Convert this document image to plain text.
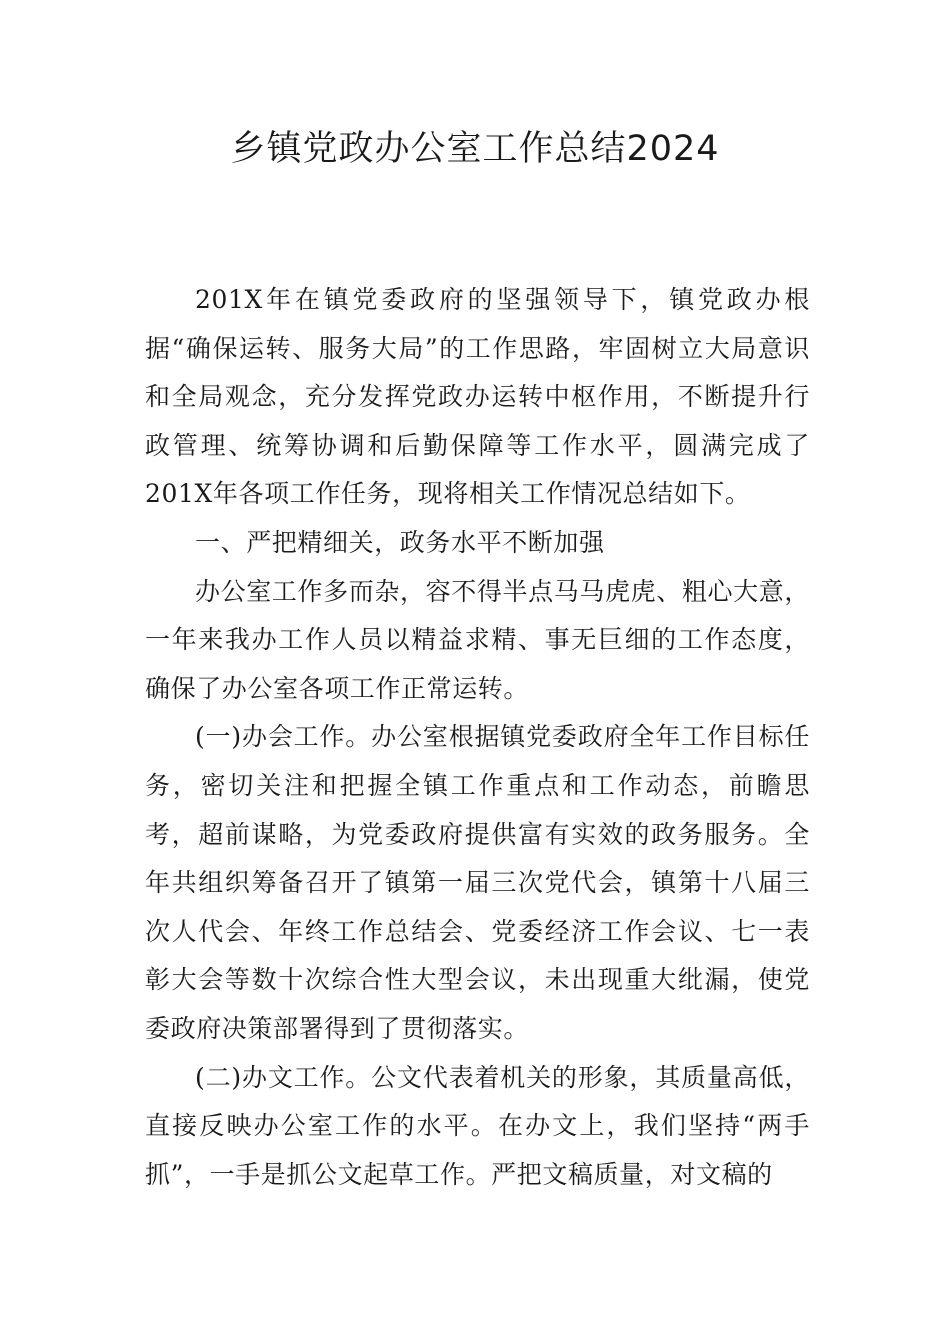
乡镇党政办公室工作总结2024

201X年在镇党委政府的坚强领导下，镇党政办根据“确保运转、服务大局”的工作思路，牢固树立大局意识和全局观念，充分发挥党政办运转中枢作用，不断提升行政管理、统筹协调和后勤保障等工作水平，圆满完成了201X年各项工作任务，现将相关工作情况总结如下。

一、严把精细关，政务水平不断加强

办公室工作多而杂，容不得半点马马虎虎、粗心大意，一年来我办工作人员以精益求精、事无巨细的工作态度，确保了办公室各项工作正常运转。

(一)办会工作。办公室根据镇党委政府全年工作目标任务，密切关注和把握全镇工作重点和工作动态，前瞻思考，超前谋略，为党委政府提供富有实效的政务服务。全年共组织筹备召开了镇第一届三次党代会，镇第十八届三次人代会、年终工作总结会、党委经济工作会议、七一表彰大会等数十次综合性大型会议，未出现重大纰漏，使党委政府决策部署得到了贯彻落实。

(二)办文工作。公文代表着机关的形象，其质量高低，直接反映办公室工作的水平。在办文上，我们坚持“两手抓”，一手是抓公文起草工作。严把文稿质量，对文稿的
